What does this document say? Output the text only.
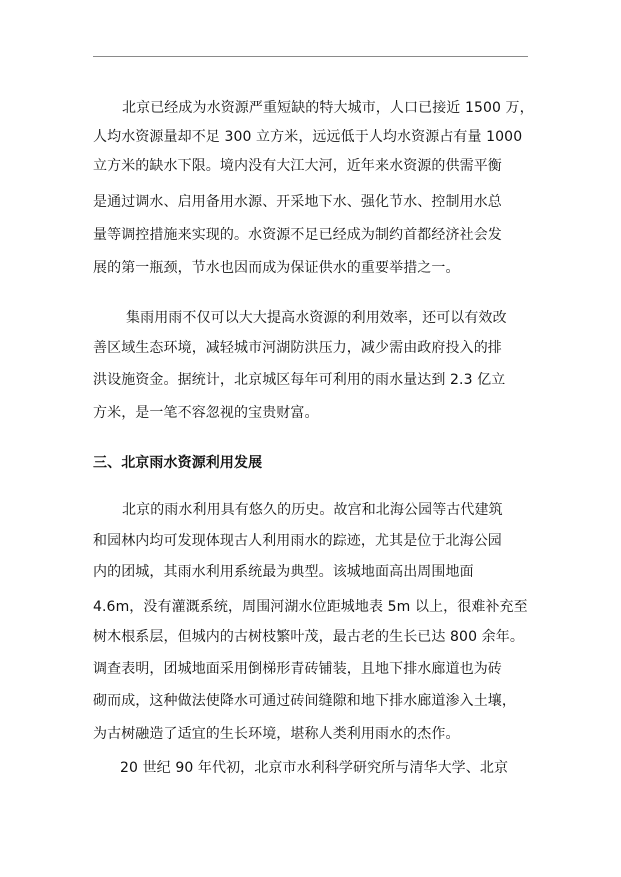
北京已经成为水资源严重短缺的特大城市，人口已接近 1500 万，
人均水资源量却不足 300 立方米，远远低于人均水资源占有量 1000
立方米的缺水下限。境内没有大江大河，近年来水资源的供需平衡
是通过调水、启用备用水源、开采地下水、强化节水、控制用水总
量等调控措施来实现的。水资源不足已经成为制约首都经济社会发
展的第一瓶颈，节水也因而成为保证供水的重要举措之一。
集雨用雨不仅可以大大提高水资源的利用效率，还可以有效改
善区域生态环境，减轻城市河湖防洪压力，减少需由政府投入的排
洪设施资金。据统计，北京城区每年可利用的雨水量达到 2.3 亿立
方米，是一笔不容忽视的宝贵财富。
三、北京雨水资源利用发展
北京的雨水利用具有悠久的历史。故宫和北海公园等古代建筑
和园林内均可发现体现古人利用雨水的踪迹，尤其是位于北海公园
内的团城，其雨水利用系统最为典型。该城地面高出周围地面
4.6m，没有灌溉系统，周围河湖水位距城地表 5m 以上，很难补充至
树木根系层，但城内的古树枝繁叶茂，最古老的生长已达 800 余年。
调查表明，团城地面采用倒梯形青砖铺装，且地下排水廊道也为砖
砌而成，这种做法使降水可通过砖间缝隙和地下排水廊道渗入土壤，
为古树融造了适宜的生长环境，堪称人类利用雨水的杰作。
20 世纪 90 年代初，北京市水利科学研究所与清华大学、北京
